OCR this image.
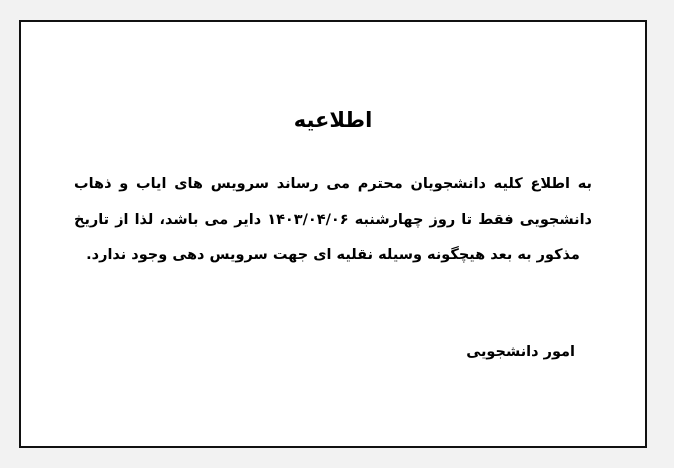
اطلاعیه

به اطلاع کلیه دانشجویان محترم می رساند سرویس های ایاب و ذهاب دانشجویی فقط تا روز چهارشنبه ۱۴۰۳/۰۴/۰۶ دایر می باشد، لذا از تاریخ مذکور به بعد هیچگونه وسیله نقلیه ای جهت سرویس دهی وجود ندارد.

امور دانشجویی
